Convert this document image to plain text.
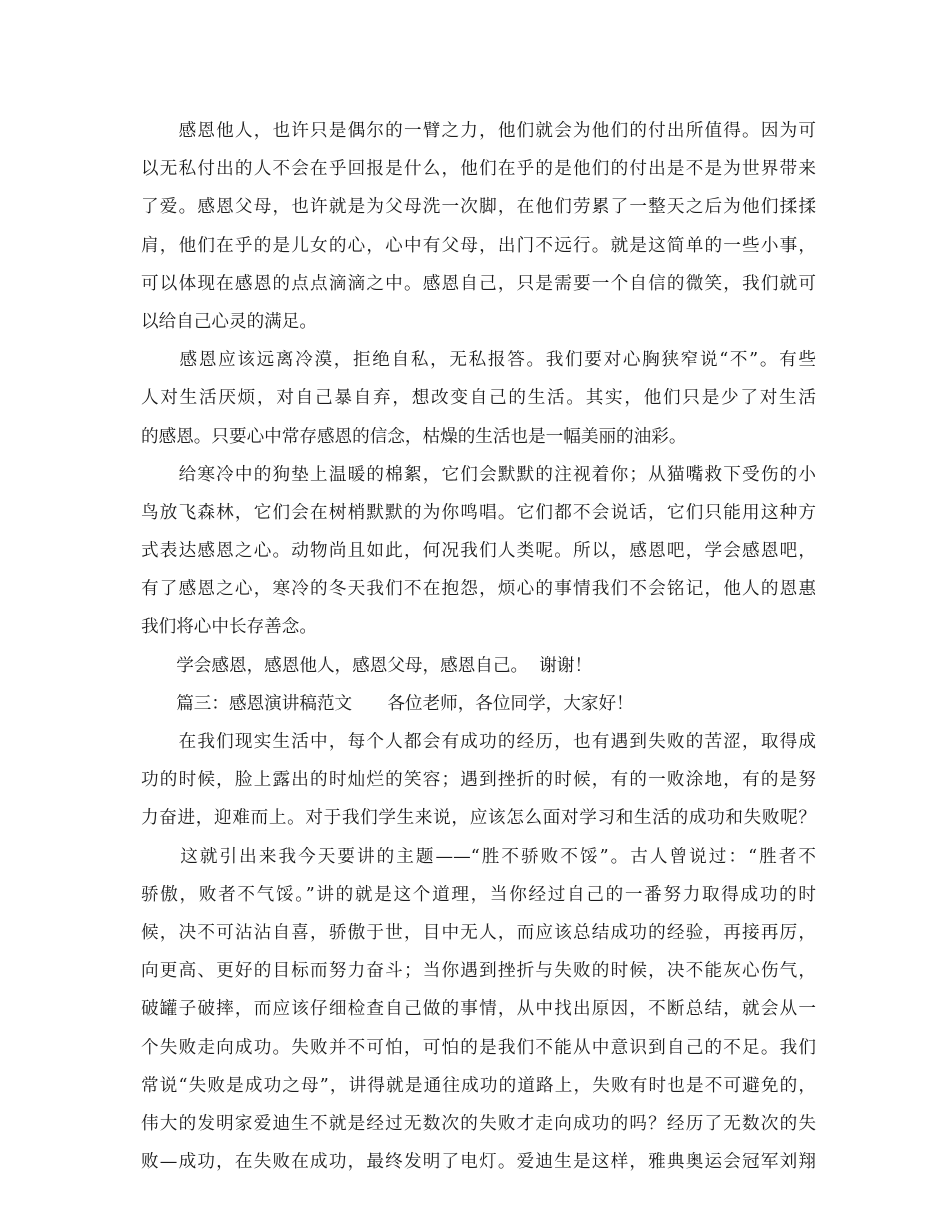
　　感恩他人，也许只是偶尔的一臂之力，他们就会为他们的付出所值得。因为可
以无私付出的人不会在乎回报是什么，他们在乎的是他们的付出是不是为世界带来
了爱。感恩父母，也许就是为父母洗一次脚，在他们劳累了一整天之后为他们揉揉
肩，他们在乎的是儿女的心，心中有父母，出门不远行。就是这简单的一些小事，
可以体现在感恩的点点滴滴之中。感恩自己，只是需要一个自信的微笑，我们就可
以给自己心灵的满足。
　　感恩应该远离冷漠，拒绝自私，无私报答。我们要对心胸狭窄说“不”。有些
人对生活厌烦，对自己暴自弃，想改变自己的生活。其实，他们只是少了对生活
的感恩。只要心中常存感恩的信念，枯燥的生活也是一幅美丽的油彩。
　　给寒冷中的狗垫上温暖的棉絮，它们会默默的注视着你；从猫嘴救下受伤的小
鸟放飞森林，它们会在树梢默默的为你鸣唱。它们都不会说话，它们只能用这种方
式表达感恩之心。动物尚且如此，何况我们人类呢。所以，感恩吧，学会感恩吧，
有了感恩之心，寒冷的冬天我们不在抱怨，烦心的事情我们不会铭记，他人的恩惠
我们将心中长存善念。
　　学会感恩，感恩他人，感恩父母，感恩自己。  谢谢！
　　篇三：感恩演讲稿范文　　各位老师，各位同学，大家好！
　　在我们现实生活中，每个人都会有成功的经历，也有遇到失败的苦涩，取得成
功的时候，脸上露出的时灿烂的笑容；遇到挫折的时候，有的一败涂地，有的是努
力奋进，迎难而上。对于我们学生来说，应该怎么面对学习和生活的成功和失败呢？
　　这就引出来我今天要讲的主题——“胜不骄败不馁”。古人曾说过：“胜者不
骄傲，败者不气馁。”讲的就是这个道理，当你经过自己的一番努力取得成功的时
候，决不可沾沾自喜，骄傲于世，目中无人，而应该总结成功的经验，再接再厉，
向更高、更好的目标而努力奋斗；当你遇到挫折与失败的时候，决不能灰心伤气，
破罐子破摔，而应该仔细检查自己做的事情，从中找出原因，不断总结，就会从一
个失败走向成功。失败并不可怕，可怕的是我们不能从中意识到自己的不足。我们
常说“失败是成功之母”，讲得就是通往成功的道路上，失败有时也是不可避免的，
伟大的发明家爱迪生不就是经过无数次的失败才走向成功的吗？经历了无数次的失
败—成功，在失败在成功，最终发明了电灯。爱迪生是这样，雅典奥运会冠军刘翔
